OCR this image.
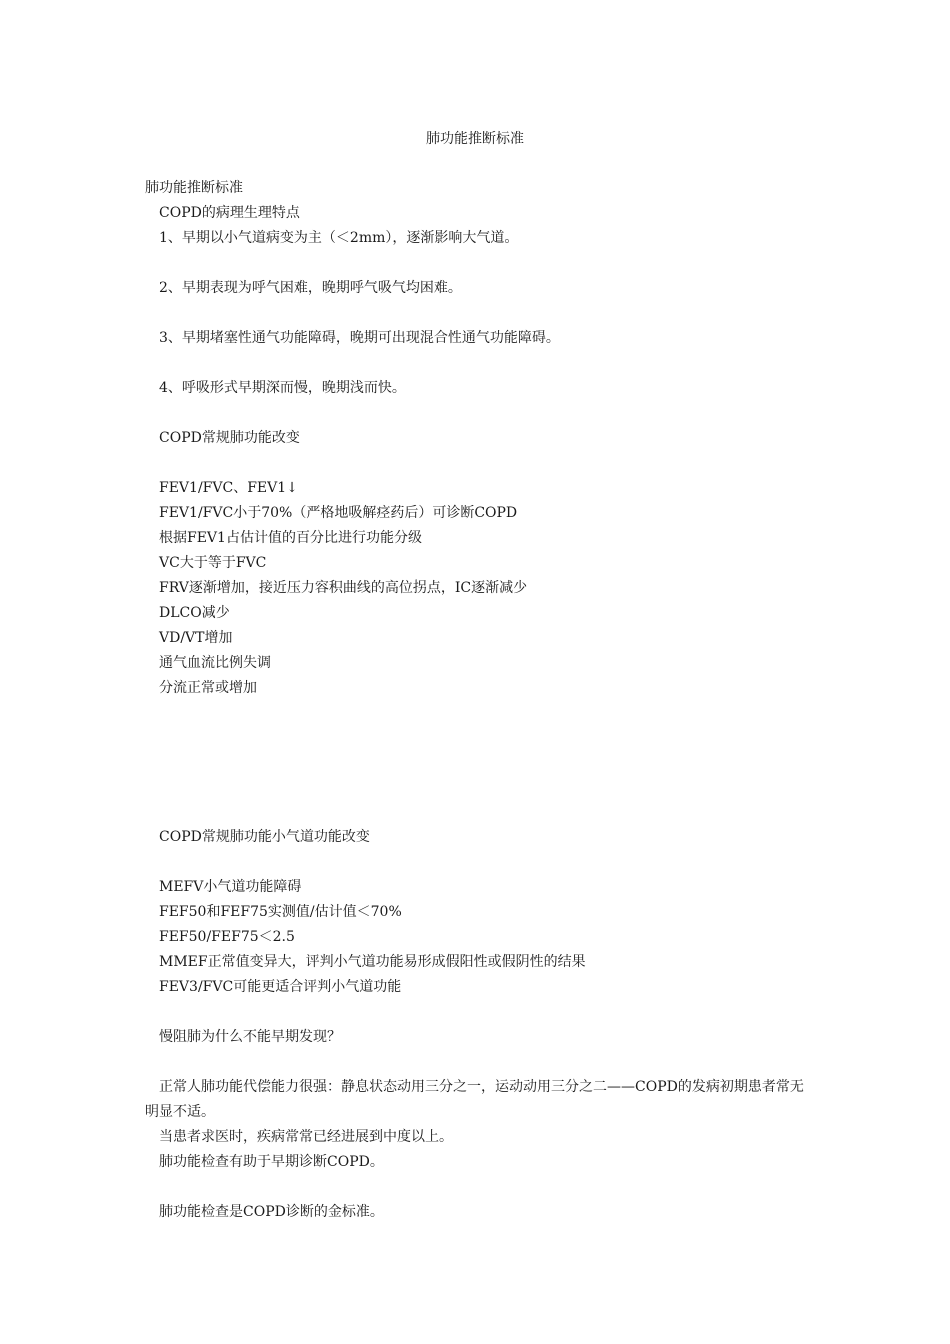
肺功能推断标准
肺功能推断标准
COPD的病理生理特点
1、早期以小气道病变为主（＜2mm），逐渐影响大气道。
2、早期表现为呼气困难，晚期呼气吸气均困难。
3、早期堵塞性通气功能障碍，晚期可出现混合性通气功能障碍。
4、呼吸形式早期深而慢，晚期浅而快。
COPD常规肺功能改变
FEV1/FVC、FEV1↓
FEV1/FVC小于70%（严格地吸解痉药后）可诊断COPD
根据FEV1占估计值的百分比进行功能分级
VC大于等于FVC
FRV逐渐增加，接近压力容积曲线的高位拐点，IC逐渐减少
DLCO减少
VD/VT增加
通气血流比例失调
分流正常或增加
COPD常规肺功能小气道功能改变
MEFV小气道功能障碍
FEF50和FEF75实测值/估计值＜70%
FEF50/FEF75＜2.5
MMEF正常值变异大，评判小气道功能易形成假阳性或假阴性的结果
FEV3/FVC可能更适合评判小气道功能
慢阻肺为什么不能早期发现？
正常人肺功能代偿能力很强：静息状态动用三分之一，运动动用三分之二——COPD的发病初期患者常无明显不适。
当患者求医时，疾病常常已经进展到中度以上。
肺功能检查有助于早期诊断COPD。
肺功能检查是COPD诊断的金标准。
